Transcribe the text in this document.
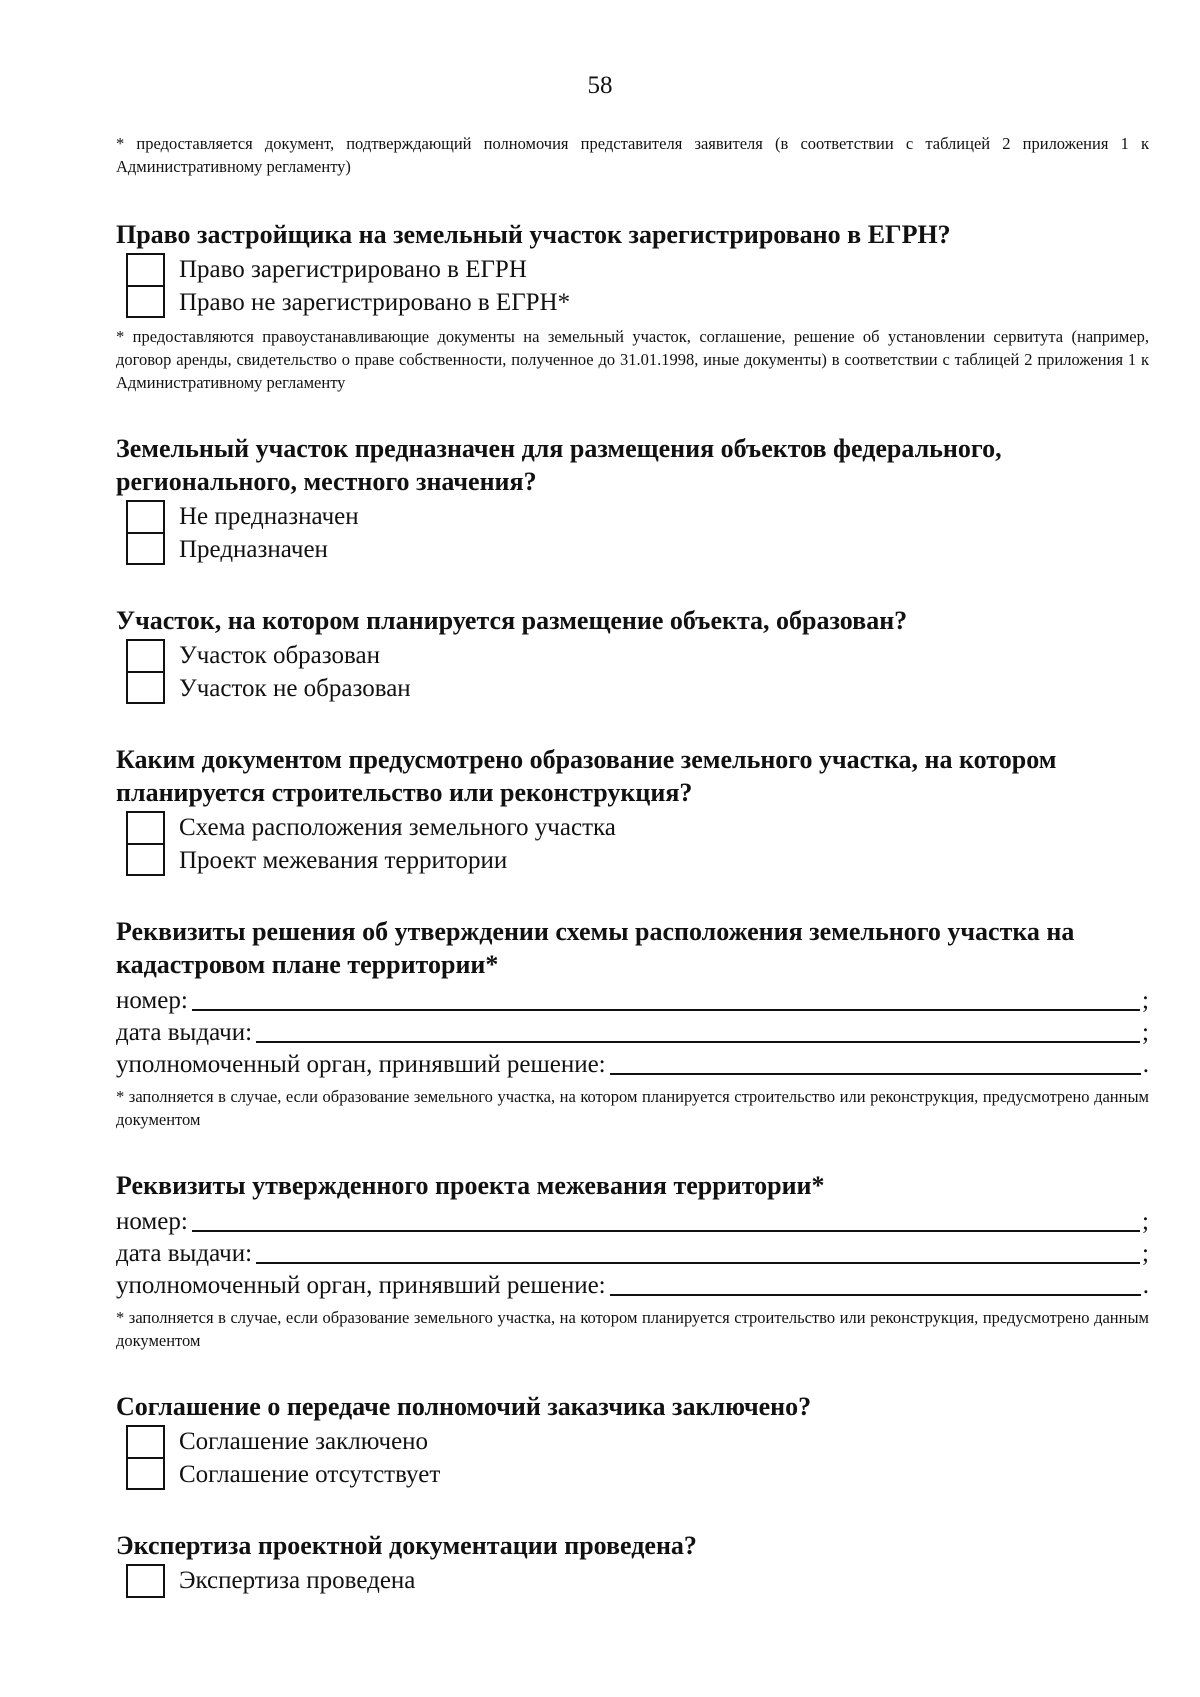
58

* предоставляется документ, подтверждающий полномочия представителя заявителя (в соответствии с таблицей 2 приложения 1 к Административному регламенту)

Право застройщика на земельный участок зарегистрировано в ЕГРН?
Право зарегистрировано в ЕГРН
Право не зарегистрировано в ЕГРН*

* предоставляются правоустанавливающие документы на земельный участок, соглашение, решение об установлении сервитута (например, договор аренды, свидетельство о праве собственности, полученное до 31.01.1998, иные документы) в соответствии с таблицей 2 приложения 1 к Административному регламенту

Земельный участок предназначен для размещения объектов федерального, регионального, местного значения?
Не предназначен
Предназначен
Участок, на котором планируется размещение объекта, образован?
Участок образован
Участок не образован
Каким документом предусмотрено образование земельного участка, на котором планируется строительство или реконструкция?
Схема расположения земельного участка
Проект межевания территории
Реквизиты решения об утверждении схемы расположения земельного участка на кадастровом плане территории*
номер:	;
дата выдачи:	;
уполномоченный орган, принявший решение:	.

* заполняется в случае, если образование земельного участка, на котором планируется строительство или реконструкция, предусмотрено данным документом

Реквизиты утвержденного проекта межевания территории*
номер:	;
дата выдачи:	;
уполномоченный орган, принявший решение:	.

* заполняется в случае, если образование земельного участка, на котором планируется строительство или реконструкция, предусмотрено данным документом

Соглашение о передаче полномочий заказчика заключено?
Соглашение заключено
Соглашение отсутствует
Экспертиза проектной документации проведена?
Экспертиза проведена
